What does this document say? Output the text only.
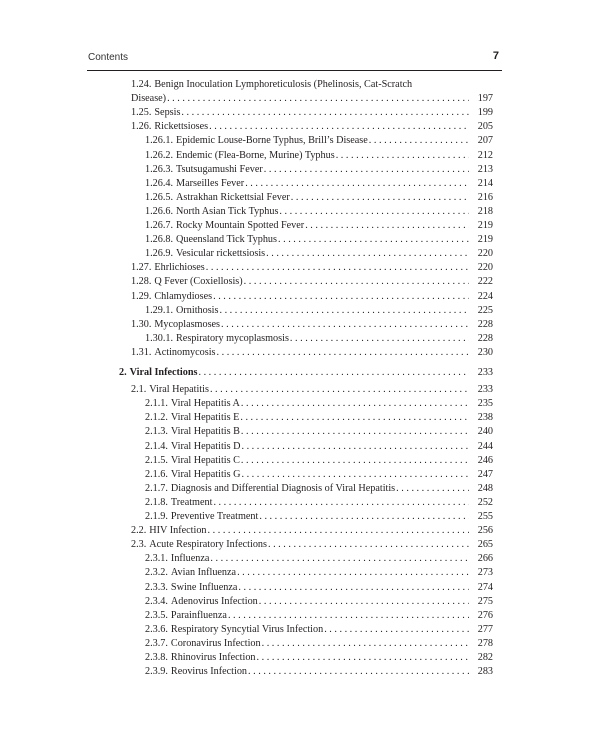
Contents	7
1.24. Benign Inoculation Lymphoreticulosis (Phelinosis, Cat-Scratch
Disease) . . .	197
1.25. Sepsis . . .	199
1.26. Rickettsioses . . .	205
1.26.1. Epidemic Louse-Borne Typhus, Brill’s Disease . . .	207
1.26.2. Endemic (Flea-Borne, Murine) Typhus . . .	212
1.26.3. Tsutsugamushi Fever . . .	213
1.26.4. Marseilles Fever . . .	214
1.26.5. Astrakhan Rickettsial Fever . . .	216
1.26.6. North Asian Tick Typhus . . .	218
1.26.7. Rocky Mountain Spotted Fever . . .	219
1.26.8. Queensland Tick Typhus . . .	219
1.26.9. Vesicular rickettsiosis . . .	220
1.27. Ehrlichioses . . .	220
1.28. Q Fever (Coxiellosis) . . .	222
1.29. Chlamydioses . . .	224
1.29.1. Ornithosis . . .	225
1.30. Mycoplasmoses . . .	228
1.30.1. Respiratory mycoplasmosis . . .	228
1.31. Actinomycosis . . .	230
2. Viral Infections . . .	233
2.1. Viral Hepatitis . . .	233
2.1.1. Viral Hepatitis A . . .	235
2.1.2. Viral Hepatitis E . . .	238
2.1.3. Viral Hepatitis B . . .	240
2.1.4. Viral Hepatitis D . . .	244
2.1.5. Viral Hepatitis C . . .	246
2.1.6. Viral Hepatitis G . . .	247
2.1.7. Diagnosis and Differential Diagnosis of Viral Hepatitis . . .	248
2.1.8. Treatment . . .	252
2.1.9. Preventive Treatment . . .	255
2.2. HIV Infection . . .	256
2.3. Acute Respiratory Infections . . .	265
2.3.1. Influenza . . .	266
2.3.2. Avian Influenza . . .	273
2.3.3. Swine Influenza . . .	274
2.3.4. Adenovirus Infection . . .	275
2.3.5. Parainfluenza . . .	276
2.3.6. Respiratory Syncytial Virus Infection . . .	277
2.3.7. Coronavirus Infection . . .	278
2.3.8. Rhinovirus Infection . . .	282
2.3.9. Reovirus Infection . . .	283
